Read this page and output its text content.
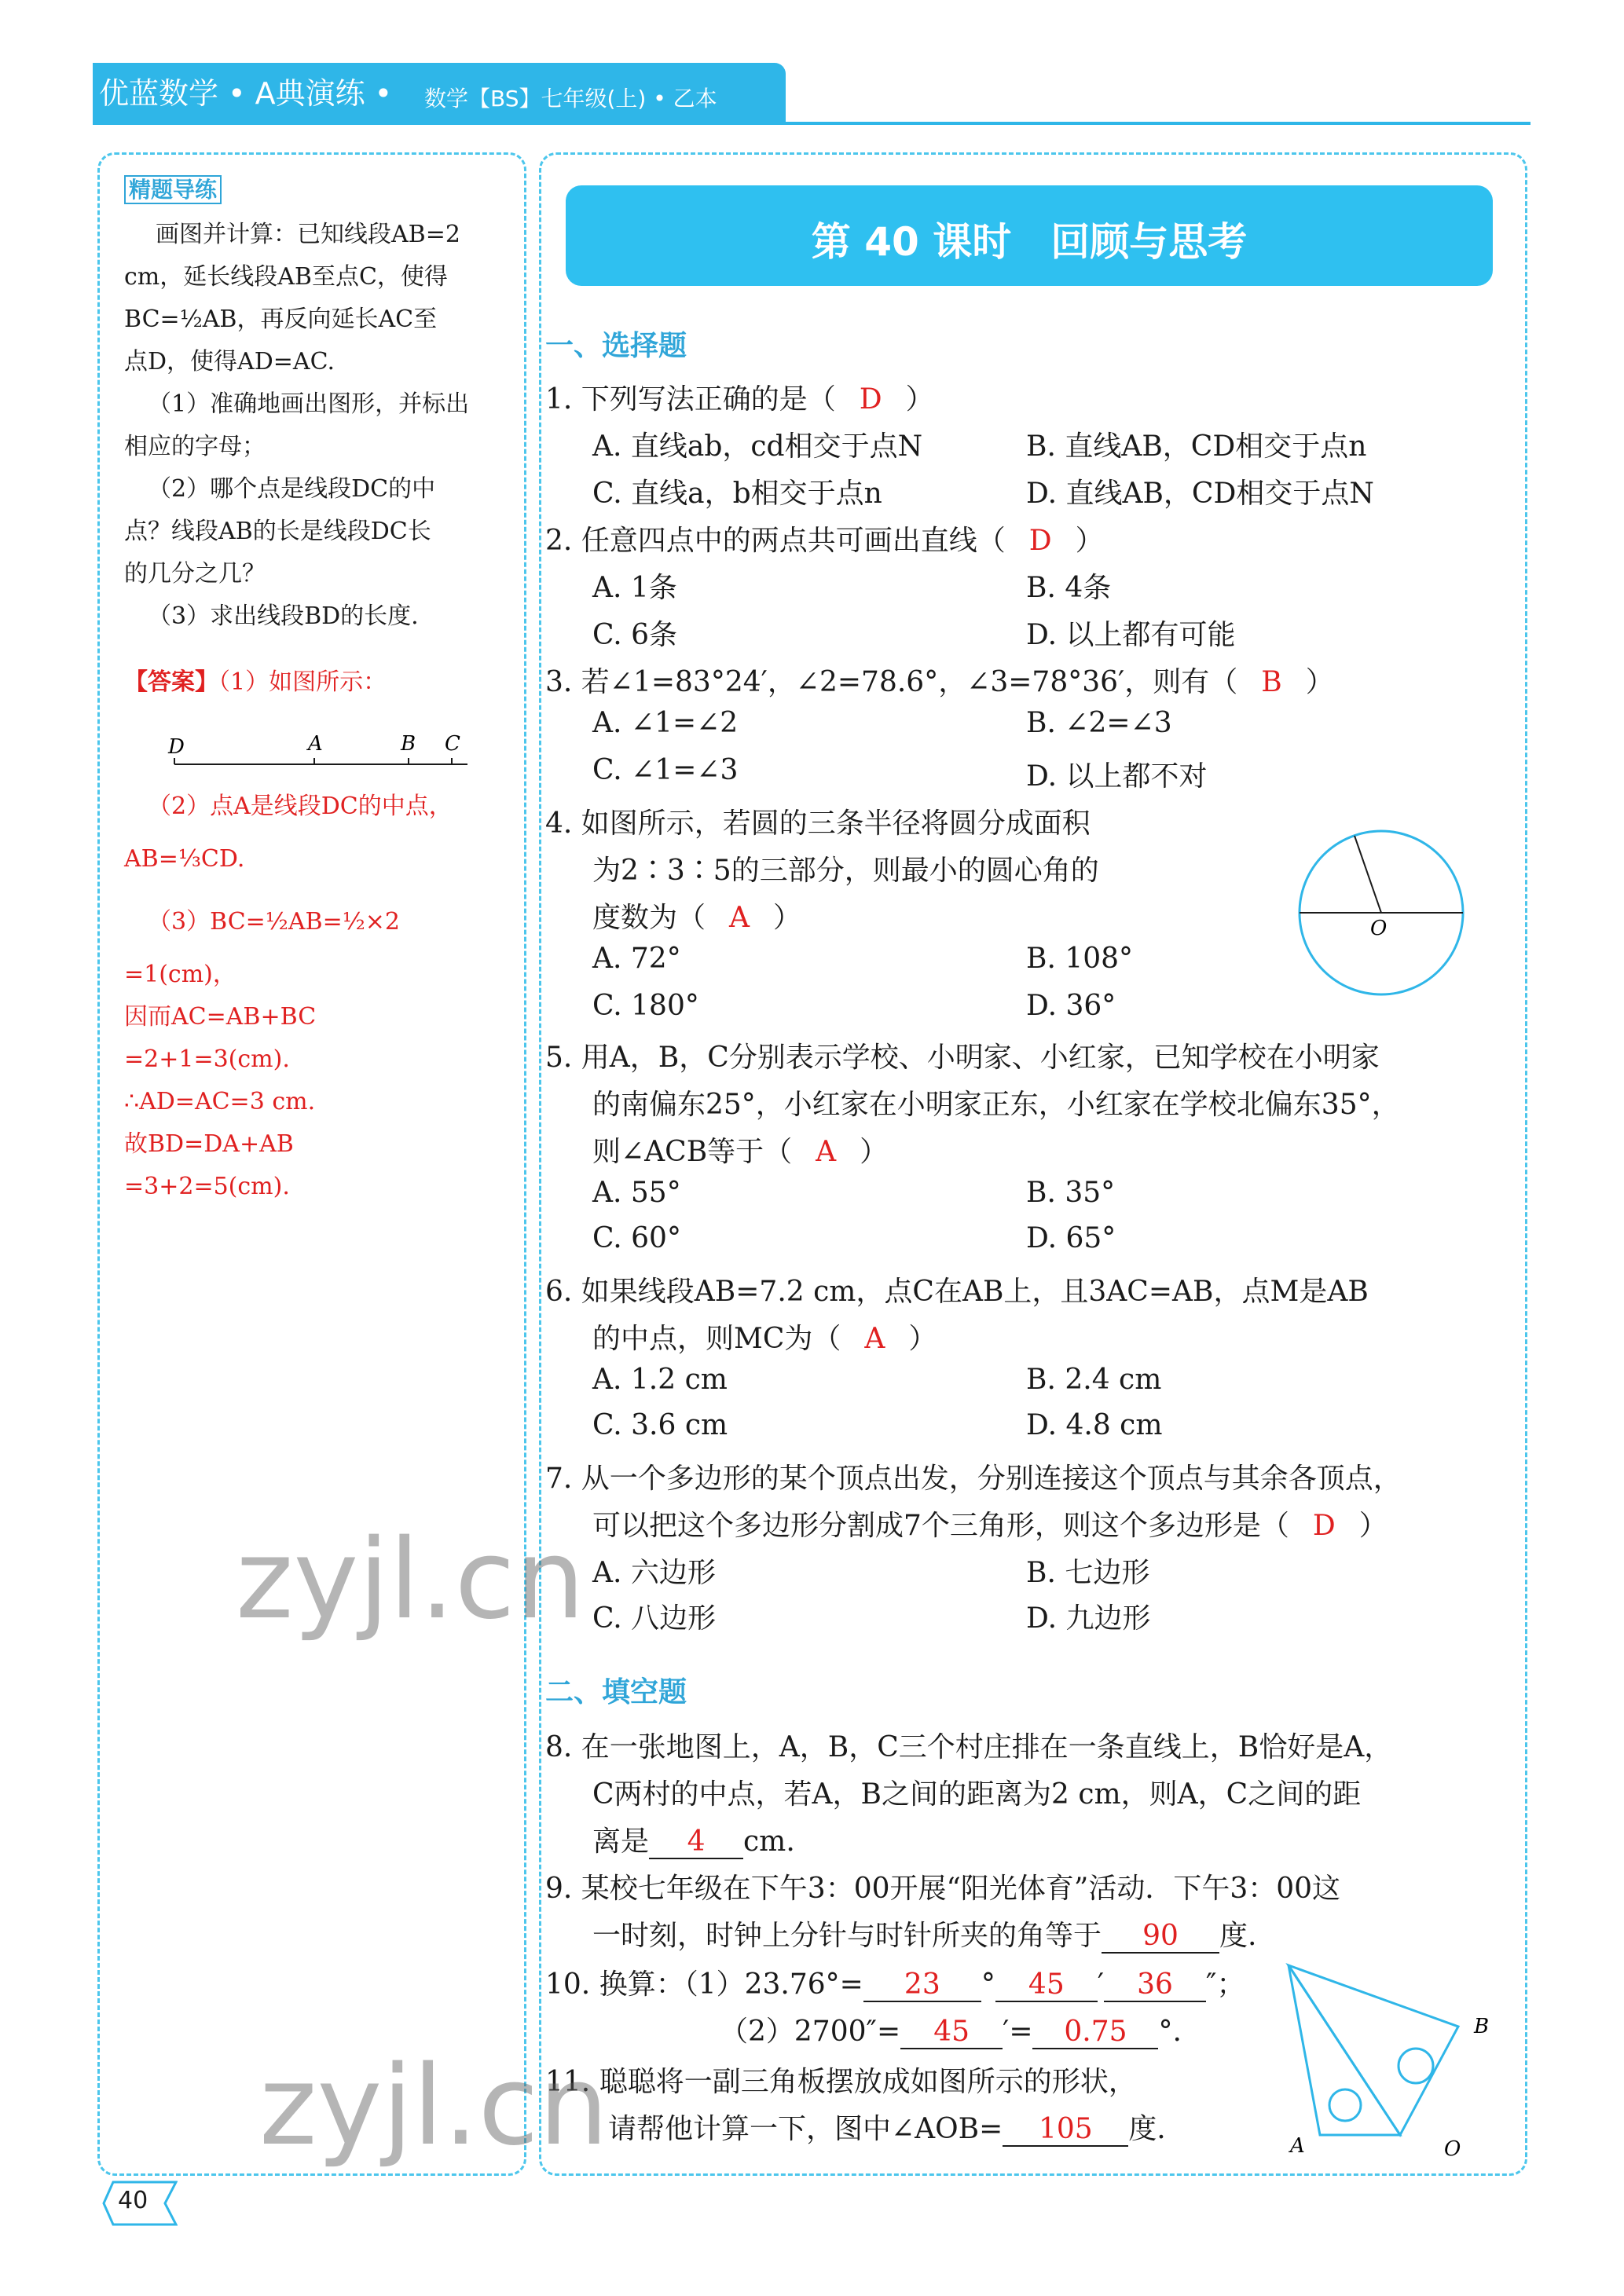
优蓝数学 • A典演练 • 数学【BS】七年级(上) • 乙本
精题导练
画图并计算：已知线段AB=2
cm，延长线段AB至点C，使得
BC=½AB，再反向延长AC至
点D，使得AD=AC.
（1）准确地画出图形，并标出
相应的字母；
（2）哪个点是线段DC的中
点？线段AB的长是线段DC长
的几分之几？
（3）求出线段BD的长度.
【答案】（1）如图所示：
D	A	B C
（2）点A是线段DC的中点，
AB=⅓CD.
（3）BC=½AB=½×2
=1(cm)，
因而AC=AB+BC
=2+1=3(cm).
∴AD=AC=3 cm.
故BD=DA+AB
=3+2=5(cm).
第 40 课时　回顾与思考
一、选择题
1. 下列写法正确的是（ D ）
A. 直线ab，cd相交于点N	B. 直线AB，CD相交于点n
C. 直线a，b相交于点n	D. 直线AB，CD相交于点N
2. 任意四点中的两点共可画出直线（ D ）
A. 1条	B. 4条
C. 6条	D. 以上都有可能
3. 若∠1=83°24′，∠2=78.6°，∠3=78°36′，则有（ B ）
A. ∠1=∠2	B. ∠2=∠3
C. ∠1=∠3	D. 以上都不对
4. 如图所示，若圆的三条半径将圆分成面积
为2∶3∶5的三部分，则最小的圆心角的
度数为（ A ）	O
A. 72°	B. 108°
C. 180°	D. 36°
5. 用A，B，C分别表示学校、小明家、小红家，已知学校在小明家
的南偏东25°，小红家在小明家正东，小红家在学校北偏东35°，
则∠ACB等于（ A ）
A. 55°	B. 35°
C. 60°	D. 65°
6. 如果线段AB=7.2 cm，点C在AB上，且3AC=AB，点M是AB
的中点，则MC为（ A ）
A. 1.2 cm	B. 2.4 cm
C. 3.6 cm	D. 4.8 cm
7. 从一个多边形的某个顶点出发，分别连接这个顶点与其余各顶点，
可以把这个多边形分割成7个三角形，则这个多边形是（ D ）
A. 六边形	B. 七边形
C. 八边形	D. 九边形
二、填空题
8. 在一张地图上，A，B，C三个村庄排在一条直线上，B恰好是A，
C两村的中点，若A，B之间的距离为2 cm，则A，C之间的距
离是 4 cm.
9. 某校七年级在下午3：00开展“阳光体育”活动．下午3：00这
一时刻，时钟上分针与时针所夹的角等于 90 度.
10. 换算：（1）23.76°= 23 ° 45 ′ 36 ″；
（2）2700″= 45 ′= 0.75 °.
11. 聪聪将一副三角板摆放成如图所示的形状，
请帮他计算一下，图中∠AOB= 105 度.
A
B
O
zyjl.cn
zyjl.cn
40
